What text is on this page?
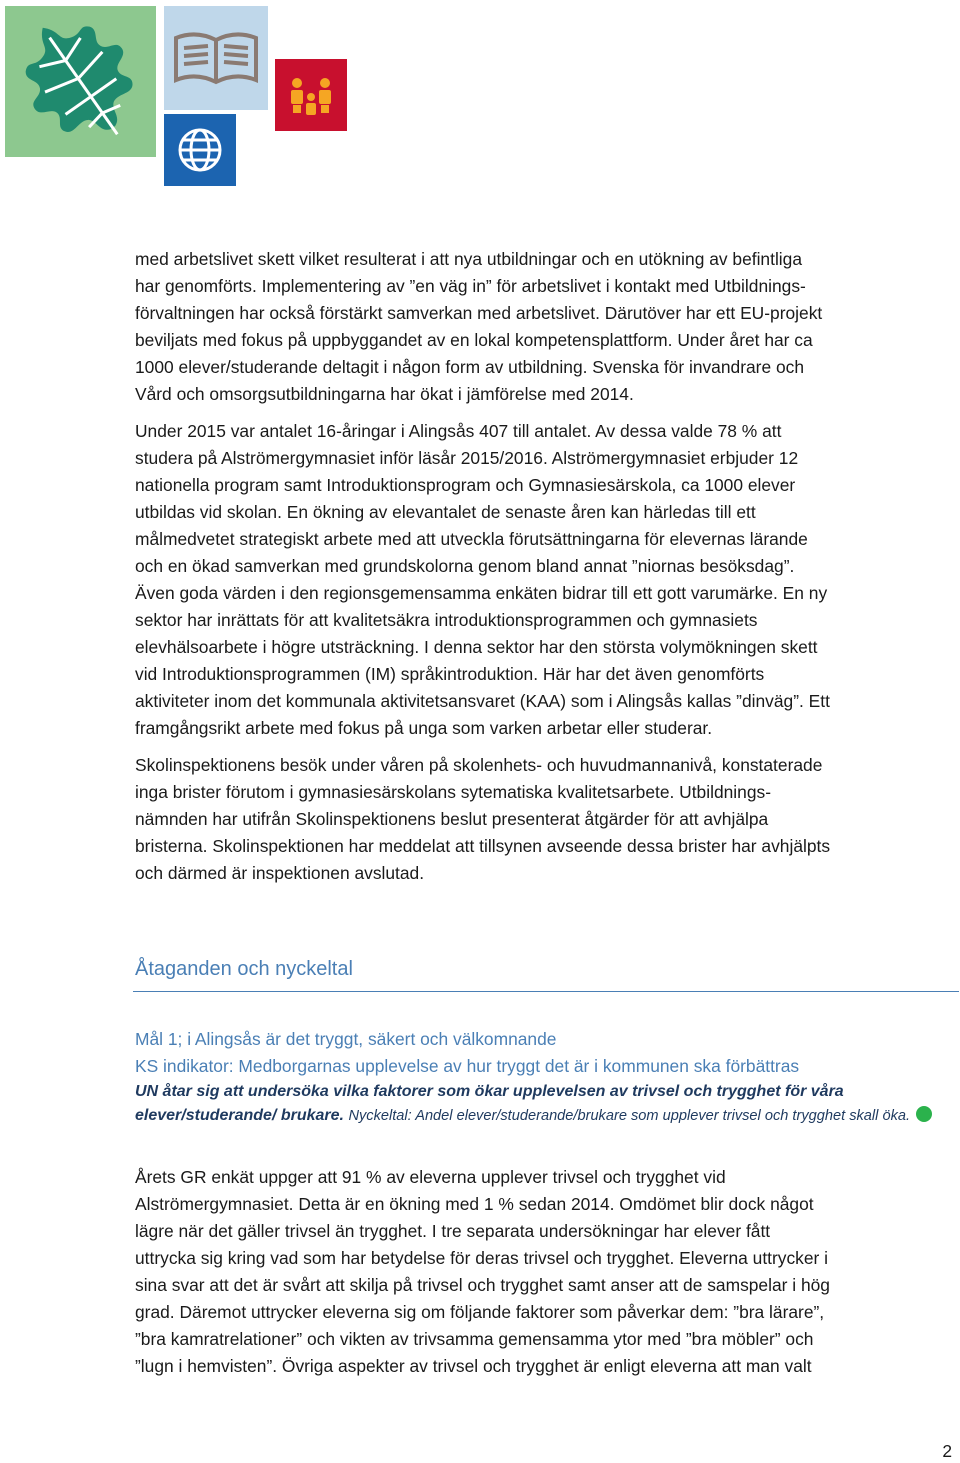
med arbetslivet skett vilket resulterat i att nya utbildningar och en utökning av befintliga
har genomförts. Implementering av ”en väg in” för arbetslivet i kontakt med Utbildnings-
förvaltningen har också förstärkt samverkan med arbetslivet. Därutöver har ett EU-projekt
beviljats med fokus på uppbyggandet av en lokal kompetensplattform. Under året har ca
1000 elever/studerande deltagit i någon form av utbildning. Svenska för invandrare och
Vård och omsorgsutbildningarna har ökat i jämförelse med 2014.

Under 2015 var antalet 16-åringar i Alingsås 407 till antalet. Av dessa valde 78 % att
studera på Alströmergymnasiet inför läsår 2015/2016. Alströmergymnasiet erbjuder 12
nationella program samt Introduktionsprogram och Gymnasiesärskola, ca 1000 elever
utbildas vid skolan. En ökning av elevantalet de senaste åren kan härledas till ett
målmedvetet strategiskt arbete med att utveckla förutsättningarna för elevernas lärande
och en ökad samverkan med grundskolorna genom bland annat ”niornas besöksdag”.
Även goda värden i den regionsgemensamma enkäten bidrar till ett gott varumärke. En ny
sektor har inrättats för att kvalitetsäkra introduktionsprogrammen och gymnasiets
elevhälsoarbete i högre utsträckning. I denna sektor har den största volymökningen skett
vid Introduktionsprogrammen (IM) språkintroduktion. Här har det även genomförts
aktiviteter inom det kommunala aktivitetsansvaret (KAA) som i Alingsås kallas ”dinväg”. Ett
framgångsrikt arbete med fokus på unga som varken arbetar eller studerar.

Skolinspektionens besök under våren på skolenhets- och huvudmannanivå, konstaterade
inga brister förutom i gymnasiesärskolans sytematiska kvalitetsarbete. Utbildnings-
nämnden har utifrån Skolinspektionens beslut presenterat åtgärder för att avhjälpa
bristerna. Skolinspektionen har meddelat att tillsynen avseende dessa brister har avhjälpts
och därmed är inspektionen avslutad.

Åtaganden och nyckeltal

Mål 1; i Alingsås är det tryggt, säkert och välkomnande

KS indikator: Medborgarnas upplevelse av hur tryggt det är i kommunen ska förbättras

UN åtar sig att undersöka vilka faktorer som ökar upplevelsen av trivsel och trygghet för våra elever/studerande/ brukare. Nyckeltal: Andel elever/studerande/brukare som upplever trivsel och trygghet skall öka.

Årets GR enkät uppger att 91 % av eleverna upplever trivsel och trygghet vid
Alströmergymnasiet. Detta är en ökning med 1 % sedan 2014. Omdömet blir dock något
lägre när det gäller trivsel än trygghet. I tre separata undersökningar har elever fått
uttrycka sig kring vad som har betydelse för deras trivsel och trygghet. Eleverna uttrycker i
sina svar att det är svårt att skilja på trivsel och trygghet samt anser att de samspelar i hög
grad. Däremot uttrycker eleverna sig om följande faktorer som påverkar dem: ”bra lärare”,
”bra kamratrelationer” och vikten av trivsamma gemensamma ytor med ”bra möbler” och
”lugn i hemvisten”. Övriga aspekter av trivsel och trygghet är enligt eleverna att man valt

2
